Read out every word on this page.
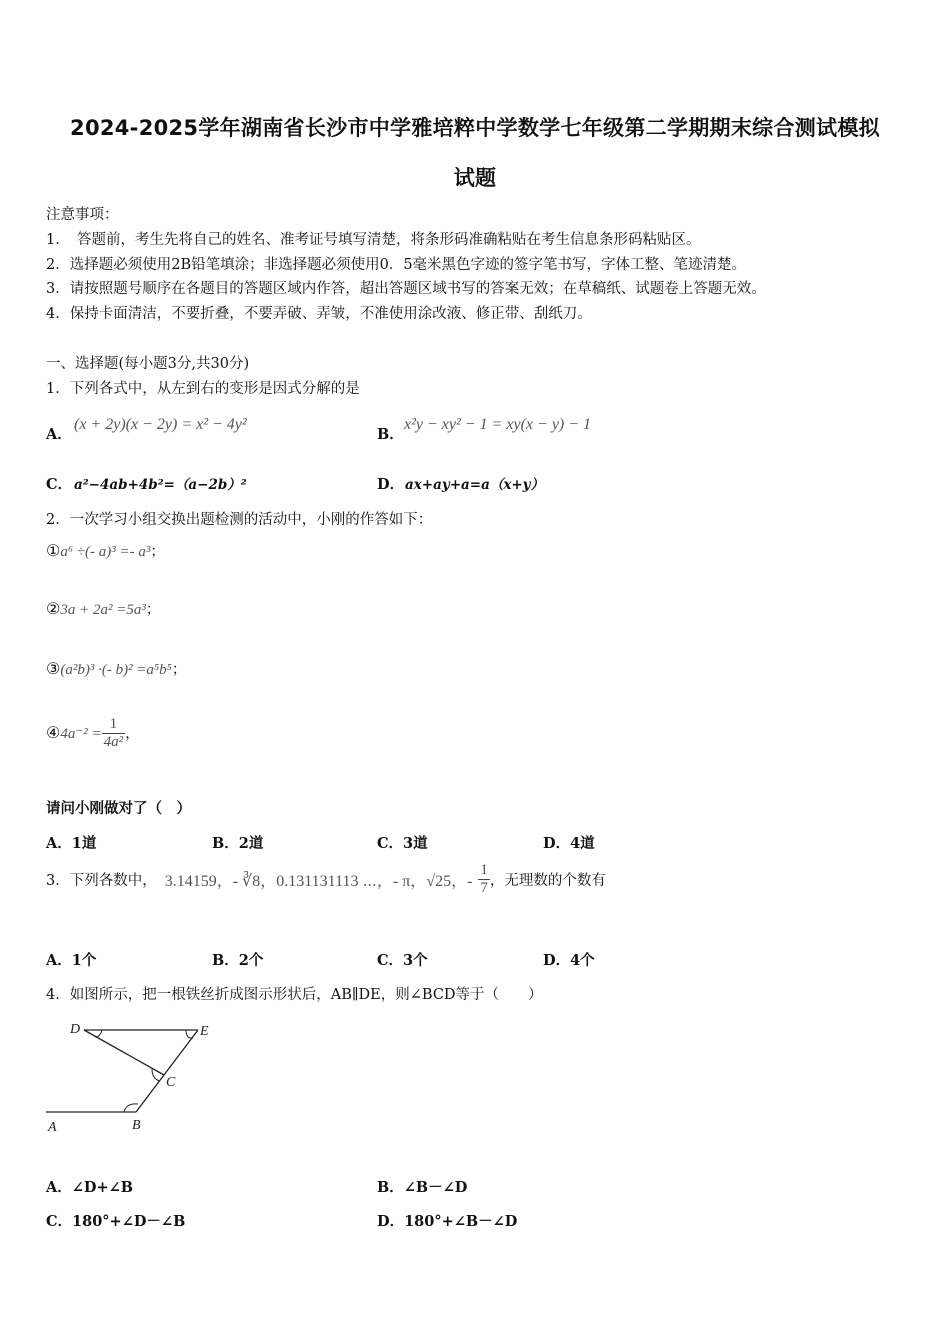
2024-2025学年湖南省长沙市中学雅培粹中学数学七年级第二学期期末综合测试模拟
试题
注意事项：
1．　答题前，考生先将自己的姓名、准考证号填写清楚，将条形码准确粘贴在考生信息条形码粘贴区。
2．选择题必须使用2B铅笔填涂；非选择题必须使用0．5毫米黑色字迹的签字笔书写，字体工整、笔迹清楚。
3．请按照题号顺序在各题目的答题区域内作答，超出答题区域书写的答案无效；在草稿纸、试题卷上答题无效。
4．保持卡面清洁，不要折叠，不要弄破、弄皱，不准使用涂改液、修正带、刮纸刀。
一、选择题(每小题3分,共30分)
1．下列各式中，从左到右的变形是因式分解的是
A．
(x + 2y)(x − 2y) = x² − 4y²
B．
x²y − xy² − 1 = xy(x − y) − 1
C． a²−4ab+4b²=（a−2b）²	D． ax+ay+a=a（x+y）
2．一次学习小组交换出题检测的活动中，小刚的作答如下：
①a⁶ ÷(- a)³ =- a³；
②3a + 2a² =5a³；
③(a²b)³ ·(- b)² =a⁵b⁵；
④4a⁻² = $\frac{1}{\text{4a²}}$ ，
请问小刚做对了（　）
A．1道	B．2道	C．3道	D．4道
3．下列各数中， 3.14159，- ∛8，0.131131113 ⋯，- π，√25，- $\frac{1}{7}$ ，无理数的个数有
A．1个	B．2个	C．3个	D．4个
4．如图所示，把一根铁丝折成图示形状后，AB∥DE，则∠BCD等于（　　）
D	E
C
A	B
A．∠D+∠B	B．∠B－∠D
C．180°+∠D－∠B	D．180°+∠B－∠D
